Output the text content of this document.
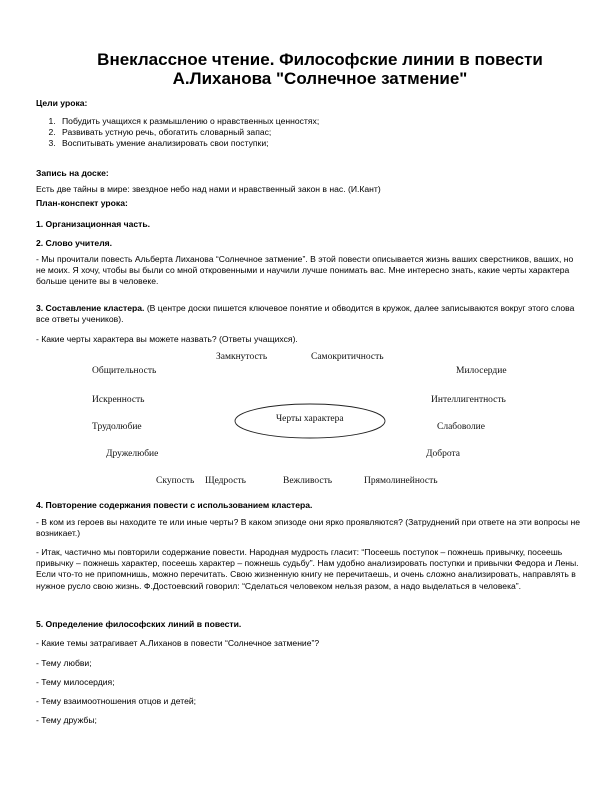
Внеклассное чтение. Философские линии в повести
А.Лиханова "Солнечное затмение"
Цели урока:
1. Побудить учащихся к размышлению о нравственных ценностях;
2. Развивать устную речь, обогатить словарный запас;
3. Воспитывать умение анализировать свои поступки;
Запись на доске:
Есть две тайны в мире: звездное небо над нами и нравственный закон в нас. (И.Кант)
План-конспект урока:
1. Организационная часть.
2. Слово учителя.
- Мы прочитали повесть Альберта Лиханова “Солнечное затмение”. В этой повести описывается жизнь ваших сверстников, ваших, но не моих. Я хочу, чтобы вы были со мной откровенными и научили лучше понимать вас. Мне интересно знать, какие черты характера больше цените вы в человеке.
3. Составление кластера. (В центре доски пишется ключевое понятие и обводится в кружок, далее записываются вокруг этого слова все ответы учеников).
- Какие черты характера вы можете назвать? (Ответы учащихся).
Черты характера
Замкнутость	Самокритичность
Общительность	Милосердие
Искренность	Интеллигентность
Трудолюбие	Слабоволие
Дружелюбие	Доброта
Скупость Щедрость	Вежливость	Прямолинейность
4. Повторение содержания повести с использованием кластера.
- В ком из героев вы находите те или иные черты? В каком эпизоде они ярко проявляются? (Затруднений при ответе на эти вопросы не возникает.)
- Итак, частично мы повторили содержание повести. Народная мудрость гласит: “Посеешь поступок – пожнешь привычку, посеешь привычку – пожнешь характер, посеешь характер – пожнешь судьбу”. Нам удобно анализировать поступки и привычки Федора и Лены. Если что-то не припомнишь, можно перечитать. Свою жизненную книгу не перечитаешь, и очень сложно анализировать, направлять в нужное русло свою жизнь. Ф.Достоевский говорил: “Сделаться человеком нельзя разом, а надо выделаться в человека”.
5. Определение философских линий в повести.
- Какие темы затрагивает А.Лиханов в повести “Солнечное затмение”?
- Тему любви;
- Тему милосердия;
- Тему взаимоотношения отцов и детей;
- Тему дружбы;
